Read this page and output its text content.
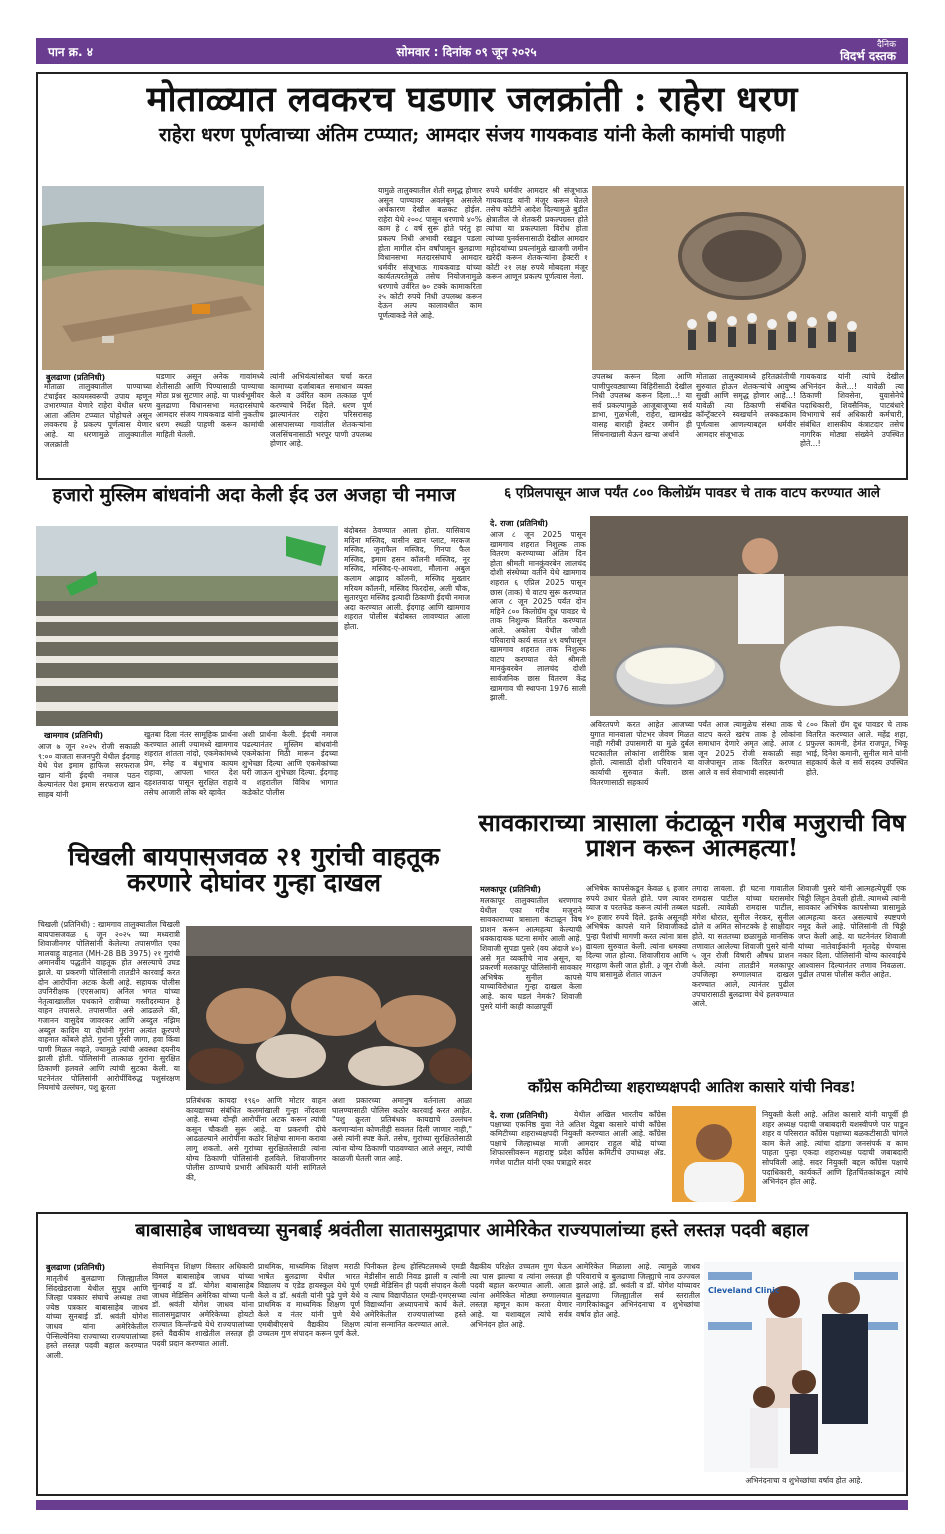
पान क्र. ४	सोमवार : दिनांक ०९ जून २०२५	दैनिक
विदर्भ दस्तक
मोताळ्यात लवकरच घडणार जलक्रांती : राहेरा धरण
राहेरा धरण पूर्णत्वाच्या अंतिम टप्प्यात; आमदार संजय गायकवाड यांनी केली कामांची पाहणी
बुलढाणा (प्रतिनिधी)
मोताळा तालुक्यातील पाण्याच्या टंचाईवर कायमस्वरूपी उपाय म्हणून उभारण्यात येणारे राहेरा येथील धरण आता अंतिम टप्प्यात पोहोचले असून लवकरच हे प्रकल्प पूर्णत्वास येणार आहे. या धरणामुळे तालुक्यातील जलक्रांती
घडणार असून अनेक गावांमध्ये शेतीसाठी आणि पिण्यासाठी पाण्याचा मोठा प्रश्न सुटणार आहे. या पार्श्वभूमीवर बुलढाणा विधानसभा मतदारसंघाचे आमदार संजय गायकवाड यांनी नुकतीच धरण स्थळी पाहणी करून कामांची माहिती घेतली.
त्यांनी अभियंत्यांसोबत चर्चा करत कामाच्या दर्जाबाबत समाधान व्यक्त केले व उर्वरित काम तत्काळ पूर्ण करण्याचे निर्देश दिले. धरण पूर्ण झाल्यानंतर राहेरा परिसरासह आसपासच्या गावांतील शेतकऱ्यांना जलसिंचनासाठी भरपूर पाणी उपलब्ध होणार आहे.
यामुळे तालुक्यातील शेती समृद्ध होणार असून पाण्यावर अवलंबून असलेले अर्थकारण देखील बळकट होईल. राहेरा येथे २००८ पासून धरणाचे ४०% काम हे ८ वर्ष सुरू होते परंतु हा प्रकल्प निधी अभावी रखडून पडला होता मागील दोन वर्षांपासून बुलढाणा विधानसभा मतदारसंघाचे आमदार धर्मवीर संजूभाऊ गायकवाड यांच्या कार्यतत्परतेमुळे तसेच नियोजनामुळे धरणाचे उर्वरित ७० टक्के कामाकरिता २५ कोटी रुपये निधी उपलब्ध करून देऊन अल्प कालावधीत काम पूर्णत्वाकडे नेले आहे.
रुपये धर्मवीर आमदार श्री संजूभाऊ गायकवाड यांनी मंजूर करून घेतले तसेच कोटीने आदेश दिल्यामुळे बुडीत क्षेत्रातील जे शेतकरी प्रकल्पग्रस्त होते त्यांचा या प्रकल्पाला विरोध होता त्यांच्या पुनर्वसनासाठी देखील आमदार महोदयांच्या प्रयत्नांमुळे खाजगी जमीन खरेदी करून शेतकऱ्यांना हेक्टरी १ कोटी २१ लक्ष रुपये मोबदला मंजूर करून आणून प्रकल्प पूर्णत्वास नेला.
उपलब्ध करून दिला आणि पाणीपुरवठ्याच्या विहिरीसाठी देखील निधी उपलब्ध करून दिला...! या सर्व प्रकल्पामुळे आजूबाजूच्या सर्व डाभा, गुळभेली, राहेरा, खामखेड वासह बाराही हेक्टर जमीन ही सिंचनाखाली येऊन खऱ्या अर्थाने
मोताळा तालुक्यामध्ये हरितक्रांतीची सुरुवात होऊन शेतकऱ्यांचे आयुष्य सुखी आणि समृद्ध होणार आहे...! यावेळी त्या ठिकाणी संबंधित कॉन्ट्रॅक्टरने स्वखर्चाने लक्कडकाम पूर्णत्वास आणल्याबद्दल धर्मवीर आमदार संजूभाऊ
गायकवाड यांनी त्यांचे देखील अभिनंदन केले...! यावेळी त्या ठिकाणी शिवसेना, युवासेनेचे पदाधिकारी, शिवसैनिक, पाटबंधारे विभागाचे सर्व अधिकारी कर्मचारी, संबंधित शासकीय कंत्राटदार तसेच नागरिक मोठ्या संख्येने उपस्थित होते...!
हजारो मुस्लिम बांधवांनी अदा केली ईद उल अजहा ची नमाज
खामगाव (प्रतिनिधी)
आज ७ जून २०२५ रोजी सकाळी ९:०० वाजता सजनपुरी येथील ईदगाह येथे पेश इमाम हाफिज सरफराज खान यांनी ईदची नमाज पठन केल्यानंतर पेश इमाम सरफराज खान साहब यांनी
खुतबा दिला नंतर सामूहिक प्रार्थना करण्यात आली ज्यामध्ये खामगाव शहरात शांतता नांदो, एकमेकांमध्ये प्रेम, स्नेह व बंधुभाव कायम राहावा, आपला भारत देश दहशतवादा पासून सुरक्षित राहावे तसेच आजारी लोक बरे व्हावेत
अशी प्रार्थना केली. ईदची नमाज पढल्यानंतर मुस्लिम बांधवांनी एकमेकांना मिठी मारून ईदच्या शुभेच्छा दिल्या आणि एकमेकांच्या घरी जाऊन शुभेच्छा दिल्या. ईदगाह व शहरातील विविध भागात कडेकोट पोलीस
बंदोबस्त ठेवण्यात आला होता. यासिवाय मदिना मस्जिद, यासीन खान प्लाट, मरकज मस्जिद, जुनाफैल मस्जिद, गिनपा फैल मस्जिद, इमाम हसन कॉलनी मस्जिद, नूर मस्जिद, मस्जिद-ए-आयशा, मौलाना अबुल कलाम आझाद कॉलनी, मस्जिद मुख्तार मरियम कॉलनी, मस्जिद फिरदोस, अली चौक, सुतारपुरा मस्जिद इत्यादी ठिकाणी ईदची नमाज अदा करण्यात आली. ईदगाह आणि खामगाव शहरात पोलीस बंदोबस्त लावण्यात आला होता.
६ एप्रिलपासून आज पर्यंत ८०० किलोग्रॅम पावडर चे ताक वाटप करण्यात आले
दे. राजा (प्रतिनिधी)
आज ८ जून 2025 पासून खामगाव शहरात निशुल्क ताक वितरण करण्याच्या अंतिम दिन होता श्रीमती मानकुंवरबेन लालचंद दोशी संस्थेच्या वतीने येथे खामगाव शहरात ६ एप्रिल 2025 पासून छास (ताक) चे वाटप सुरू करण्यात आज ८ जून 2025 पर्यंत दोन महिने ८०० किलोग्रॅम दूध पावडर चे ताक निशुल्क वितरित करण्यात आले. अकोला येथील जोशी परिवाराचे कार्य सतत ४९ वर्षांपासून खामगाव शहरात ताक निशुल्क वाटप करण्यात येते श्रीमती मानकुंवरबेन लालचंद दोशी सार्वजनिक छास वितरण केंद्र खामगाव ची स्थापना 1976 साली झाली.
अविरतपणे करत आहेत आजच्या युगात मानवाला पोटभर जेवण मिळत नाही गरीबी उपासमारी या मुळे दुर्बल घटकातील लोकांना शारीरिक त्रास होतो. त्यासाठी दोशी परिवाराने या कार्याची सुरुवात केली. छास वितरणासाठी सहकार्य
पर्यंत आज त्यामुळेच संस्था ताक चे वाटप करते खरंच ताक हे लोकांना समाधान देणारे अमृत आहे. आज ८ जून 2025 रोजी सकाळी सहा वाजेपासून ताक वितरित करण्यात आले व सर्व सेवाभावी सदस्यांनी
८०० किलो ग्रॅम दूध पावडर चे ताक वितरित करण्यात आले. महेंद्र शहा, प्रफुल्ल कामनी, हेमंत राजपूत, भिकू भाई, दिनेश कमानी, सुनील माने यांनी सहकार्य केले व सर्व सदस्य उपस्थित होते.
सावकाराच्या त्रासाला कंटाळून गरीब मजुराची विष प्राशन करून आत्महत्या!
मलकापूर (प्रतिनिधी)
मलकापूर तालुक्यातील धरणगाव येथील एका गरीब मजुराने सावकाराच्या त्रासाला कंटाळून विष प्राशन करून आत्महत्या केल्याची धक्कादायक घटना समोर आली आहे. शिवाजी सुपडा पुसरे (वय अंदाजे ४०) असे मृत व्यक्तीचे नाव असून, या प्रकरणी मलकापूर पोलिसांनी सावकार अभिषेक सुनील कापसे याच्याविरोधात गुन्हा दाखल केला आहे. काय घडलं नेमकं? शिवाजी पुसरे यांनी काही काळापूर्वी
अभिषेक कापसेकडून केवळ ६ हजार रुपये उधार घेतले होते. पण त्यावर व्याज व परतफेड करून त्यांनी तब्बल ४० हजार रुपये दिले. इतके असूनही अभिषेक कापसे याने शिवाजीकडे पुन्हा पैशांची मागणी करत त्यांना त्रास द्यायला सुरुवात केली. त्यांना धमक्या दिल्या जात होत्या. शिवाजीराव आणि मारहाण केली जात होती. ३ जून रोजी याच त्रासामुळे शेतात जाऊन
तगादा लावला. ही घटना गावातील रामदास पाटील यांच्या घरासमोर घडली. त्यावेळी रामदास पाटील, मंगेश धोरात, सुनील नेरकर, सुनील ढोले व अमित सोनटक्के हे साक्षीदार होते. या सततच्या छळामुळे मानसिक तणावात आलेल्या शिवाजी पुसरे यांनी ५ जून रोजी विषारी औषध प्राशन केले. त्यांना तातडीने मलकापूर उपजिल्हा रुग्णालयात दाखल करण्यात आले, त्यानंतर पुढील उपचारासाठी बुलढाणा येथे हलवण्यात आले.
शिवाजी पुसरे यांनी आत्महत्येपूर्वी एक चिठ्ठी लिहून ठेवली होती. त्यामध्ये त्यांनी सावकार अभिषेक कापसेच्या त्रासामुळे आत्महत्या करत असल्याचे स्पष्टपणे नमूद केले आहे. पोलिसांनी ती चिठ्ठी जप्त केली आहे. या घटनेनंतर शिवाजी यांच्या नातेवाईकांनी मृतदेह घेण्यास नकार दिला. पोलिसांनी योग्य कारवाईचे आश्वासन दिल्यानंतर तणाव निवळला. पुढील तपास पोलीस करीत आहेत.
चिखली बायपासजवळ २१ गुरांची वाहतूक करणारे दोघांवर गुन्हा दाखल
चिखली (प्रतिनिधी) : खामगाव तालुक्यातील चिखली बायपासजवळ ६ जून २०२५ च्या मध्यरात्री शिवाजीनगर पोलिसांनी केलेल्या तपासणीत एका मालवाहू वाहनात (MH-28 BB 3975) २१ गुरांची अमानवीय पद्धतीने वाहतूक होत असल्याचे उघड झाले. या प्रकरणी पोलिसांनी तातडीने कारवाई करत दोन आरोपींना अटक केली आहे. सहायक पोलीस उपनिरीक्षक (एएसआय) अनिल भगत यांच्या नेतृत्वाखालील पथकाने रात्रीच्या गस्तीदरम्यान हे वाहन तपासले. तपासणीत असे आढळले की, गजानन वासुदेव जावरकर आणि अब्दुल नझिम अब्दुल कादिम या दोघांनी गुरांना अत्यंत क्रूरपणे वाहनात कोंबले होते. गुरांना पुरेसी जागा, हवा किंवा पाणी मिळत नव्हते, ज्यामुळे त्यांची अवस्था दयनीय झाली होती. पोलिसांनी तात्काळ गुरांना सुरक्षित ठिकाणी हलवले आणि त्यांची सुटका केली. या घटनेनंतर पोलिसांनी आरोपींविरुद्ध पशुसंरक्षण नियमांचे उल्लंघन, पशु क्रूरता
प्रतिबंधक कायदा १९६० आणि मोटार वाहन कायद्याच्या संबंधित कलमांखाली गुन्हा नोंदवला आहे. सध्या दोन्ही आरोपींना अटक करून त्यांची कसून चौकशी सुरू आहे. या प्रकरणी दोघे आढळल्याने आरोपींना कठोर शिक्षेचा सामना करावा लागू शकतो. असे गुरांच्या सुरक्षिततेसाठी त्यांना योग्य ठिकाणी पोलिसांनी हलविले. शिवाजीनगर पोलीस ठाण्याचे प्रभारी अधिकारी यांनी सांगितले की,
अशा प्रकारच्या अमानुष वर्तनाला आळा घालण्यासाठी पोलिस कठोर कारवाई करत आहेत. "पशु क्रूरता प्रतिबंधक कायद्याचे उल्लंघन करणाऱ्यांना कोणतीही सवलत दिली जाणार नाही," असे त्यांनी स्पष्ट केले. तसेच, गुरांच्या सुरक्षिततेसाठी त्यांना योग्य ठिकाणी पाठवण्यात आले असून, त्यांची काळजी घेतली जात आहे.
काँग्रेस कमिटीच्या शहराध्यक्षपदी आतिश कासारे यांची निवड!
दे. राजा (प्रतिनिधी)	येथील अखिल भारतीय काँग्रेस पक्षाच्या एकनिष्ठ युवा नेते अतिश येडूबा कासारे यांची काँग्रेस कमिटीच्या शहराध्यक्षपदी नियुक्ती करण्यात आली आहे. काँग्रेस पक्षाचे जिल्हाध्यक्ष माजी आमदार राहुल बोंद्रे यांच्या शिफारसीवरून महाराष्ट्र प्रदेश काँग्रेस कमिटीचे उपाध्यक्ष ॲड. गणेश पाटील यांनी एका पत्राद्वारे सदर
नियुक्ती केली आहे. अतिश कासारे यांनी यापूर्वी ही शहर अध्यक्ष पदाची जबाबदारी यशस्वीपणे पार पाडून शहर व परिसरात काँग्रेस पक्षाच्या बळकटीसाठी चांगले काम केले आहे. त्यांचा दांडगा जनसंपर्क व काम पाहता पुन्हा एकदा शहराध्यक्ष पदाची जबाबदारी सोपविली आहे. सदर नियुक्ती बद्दल काँग्रेस पक्षाचे पदाधिकारी, कार्यकर्ते आणि हितचिंतकांकडून त्यांचे अभिनंदन होत आहे.
बाबासाहेब जाधवच्या सुनबाई श्रवंतीला सातासमुद्रापार आमेरिकेत राज्यपालांच्या हस्ते लस्तज्ञ पदवी बहाल
बुलढाणा (प्रतिनिधी)
मातृतीर्थ बुलढाणा जिल्ह्यातील सिंदखेडराजा येथील सुपुत्र आणि जिल्हा पत्रकार संघाचे अध्यक्ष तथा ज्येष्ठ पत्रकार बाबासाहेब जाधव यांच्या सुनबाई डॉ. श्रवंती योगेश जाधव यांना अमेरिकेतील पेन्सिल्वेनिया राज्याच्या राज्यपालांच्या हस्ते लस्तज्ञ पदवी बहाल करण्यात आली.
सेवानिवृत्त शिक्षण विस्तार अधिकारी विमल बाबासाहेब जाधव यांच्या सुनबाई व डॉ. योगेश बाबासाहेब जाधव मेडिसिन अमेरिका यांच्या पत्नी डॉ. श्रवंती योगेश जाधव यांना सातासमुद्रापार अमेरिकेच्या होयटो राज्यात किन्लॅन्डचे येथे राज्यपालांच्या हस्ते वैद्यकीय शाखेतील लस्तज्ञ ही पदवी प्रदान करण्यात आली.
प्राथमिक, माध्यमिक शिक्षण मराठी भाषेत बुलढाणा येथील भारत विद्यालय व एडेड हायस्कूल येथे पूर्ण केले व डॉ. श्रवंती यांनी पुढे पुणे येथे प्राथमिक व माध्यमिक शिक्षण पूर्ण केले व नंतर यांनी पुणे येथे एमबीबीएसचे वैद्यकीय शिक्षण उच्चतम गुण संपादन करून पूर्ण केले.
पिनीकल हेल्थ होस्पिटलमध्ये एमडी मेडीसीन साठी निवड झाली व त्यांनी एमडी मेडिसिन ही पदवी संपादन केली व त्याच विद्यापीठात एमडी-एमएसच्या विद्यार्थ्यांना अध्यापनाचे कार्य केले. अमेरिकेतील राज्यपालांच्या हस्ते त्यांना सन्मानित करण्यात आले.
वैद्यकीय परिक्षेत उच्चतम गुण घेऊन त्या पास झाल्या व त्यांना लस्तज्ञ ही पदवी बहाल करण्यात आली. आता त्यांना अमेरिकेत मोठ्या रुग्णालयात लस्तज्ञ म्हणून काम करता येणार आहे. या यशाबद्दल त्यांचे सर्वत्र अभिनंदन होत आहे.
आमेरिकेत मिळाला आहे. त्यामुळे जाधव परिवाराचे व बुलढाणा जिल्ह्याचे नाव उज्ज्वल झाले आहे. डॉ. श्रवंती व डॉ. योगेश यांच्यावर बुलढाणा जिल्ह्यातील सर्व स्तरातील नागरिकांकडून अभिनंदनाचा व शुभेच्छांचा वर्षाव होत आहे.
Cleveland Clinic
अभिनंदनाचा व शुभेच्छांचा वर्षाव होत आहे.
